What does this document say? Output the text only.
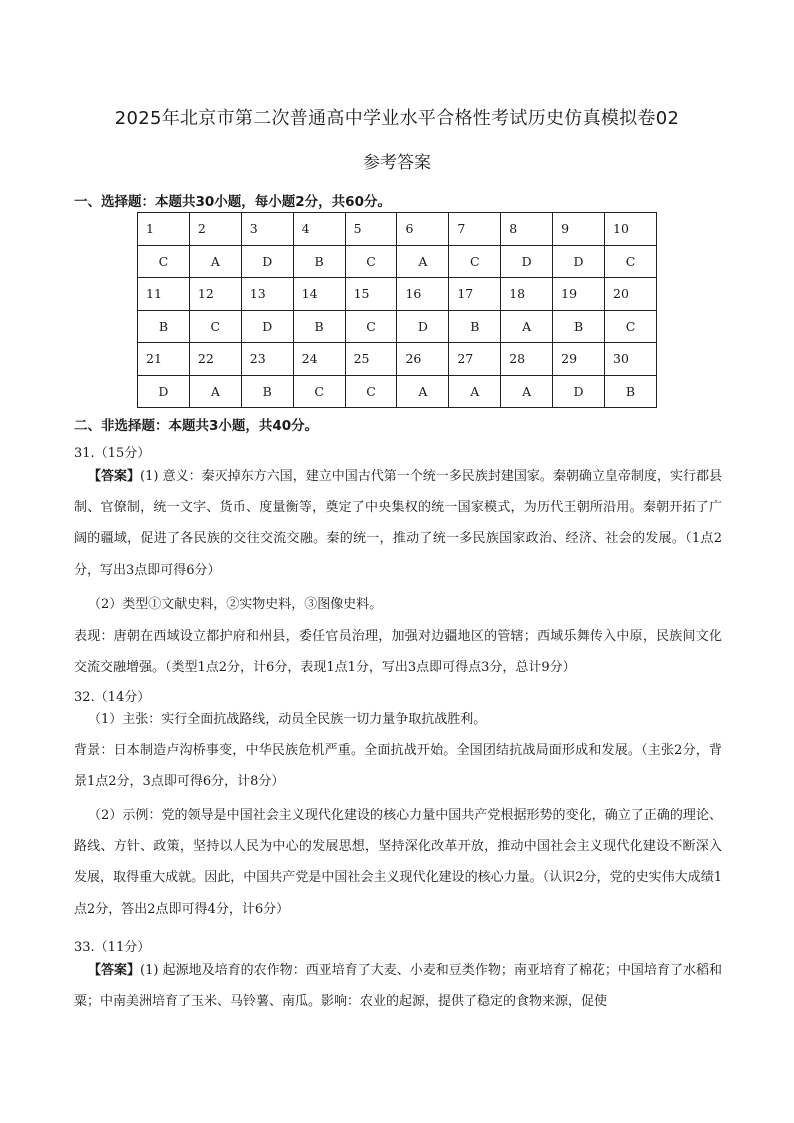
2025年北京市第二次普通高中学业水平合格性考试历史仿真模拟卷02
参考答案
一、选择题：本题共30小题，每小题2分，共60分。
1	2	3	4	5	6	7	8	9	10
C	A	D	B	C	A	C	D	D	C
11	12	13	14	15	16	17	18	19	20
B	C	D	B	C	D	B	A	B	C
21	22	23	24	25	26	27	28	29	30
D	A	B	C	C	A	A	A	D	B
二、非选择题：本题共3小题，共40分。
31.（15分）
【答案】(1) 意义：秦灭掉东方六国，建立中国古代第一个统一多民族封建国家。秦朝确立皇帝制度，实行郡县制、官僚制，统一文字、货币、度量衡等，奠定了中央集权的统一国家模式，为历代王朝所沿用。秦朝开拓了广阔的疆域，促进了各民族的交往交流交融。秦的统一，推动了统一多民族国家政治、经济、社会的发展。（1点2分，写出3点即可得6分）
（2）类型①文献史料，②实物史料，③图像史料。
表现：唐朝在西域设立都护府和州县，委任官员治理，加强对边疆地区的管辖；西域乐舞传入中原，民族间文化交流交融增强。（类型1点2分，计6分，表现1点1分，写出3点即可得点3分，总计9分）
32.（14分）
（1）主张：实行全面抗战路线，动员全民族一切力量争取抗战胜利。
背景：日本制造卢沟桥事变，中华民族危机严重。全面抗战开始。全国团结抗战局面形成和发展。（主张2分，背景1点2分，3点即可得6分，计8分）
（2）示例：党的领导是中国社会主义现代化建设的核心力量中国共产党根据形势的变化，确立了正确的理论、路线、方针、政策，坚持以人民为中心的发展思想，坚持深化改革开放，推动中国社会主义现代化建设不断深入发展，取得重大成就。因此，中国共产党是中国社会主义现代化建设的核心力量。（认识2分，党的史实伟大成绩1点2分，答出2点即可得4分，计6分）
33.（11分）
【答案】(1) 起源地及培育的农作物：西亚培育了大麦、小麦和豆类作物；南亚培育了棉花；中国培育了水稻和粟；中南美洲培育了玉米、马铃薯、南瓜。影响：农业的起源，提供了稳定的食物来源，促使
